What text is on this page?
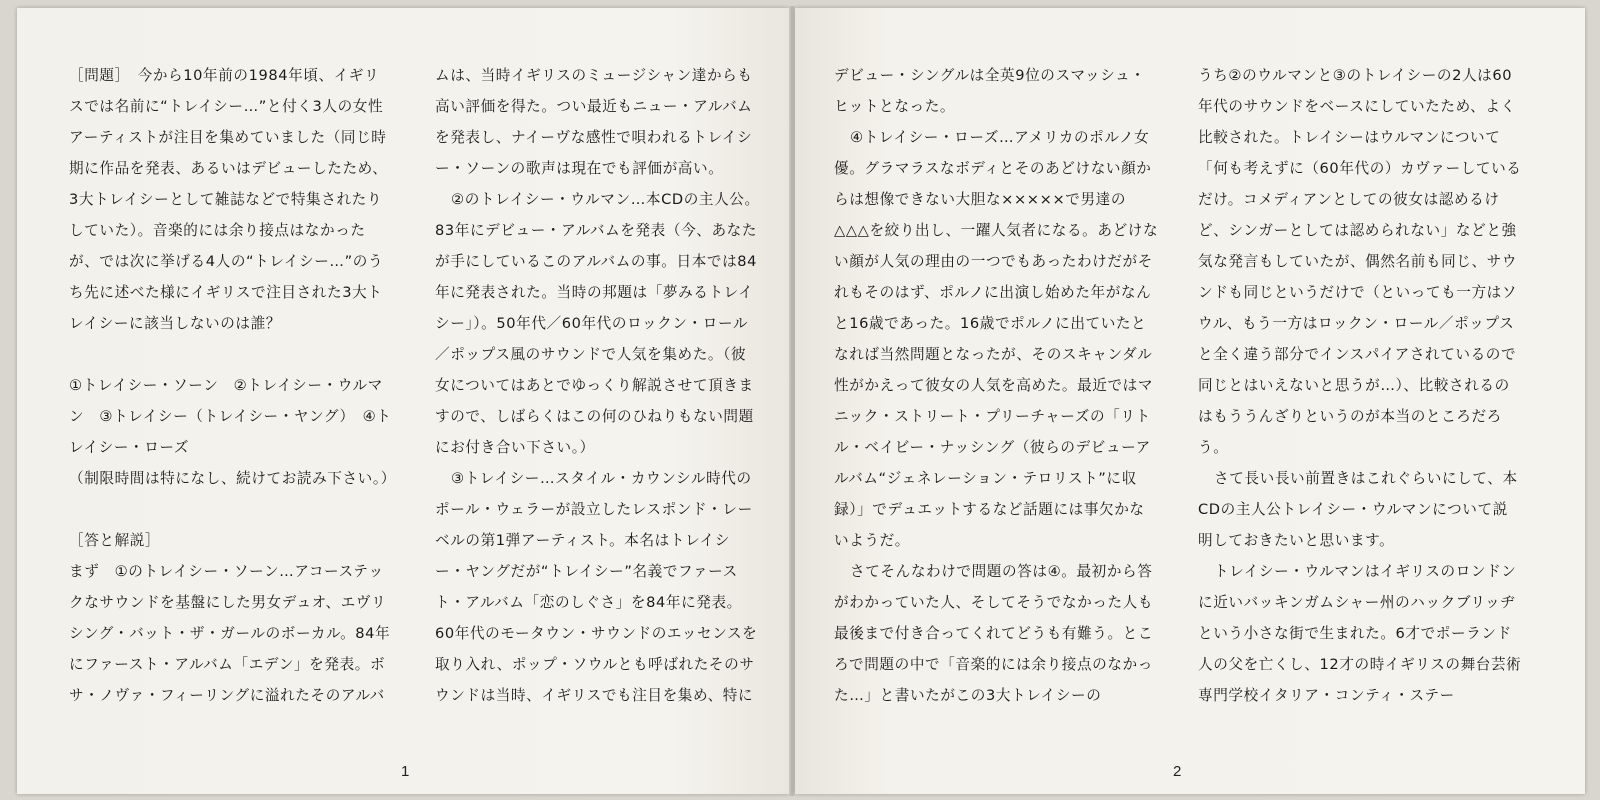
［問題］　今から10年前の1984年頃、イギリスでは名前に“トレイシー…”と付く3人の女性アーティストが注目を集めていました（同じ時期に作品を発表、あるいはデビューしたため、3大トレイシーとして雑誌などで特集されたりしていた）。音楽的には余り接点はなかったが、では次に挙げる4人の“トレイシー…”のうち先に述べた様にイギリスで注目された3大トレイシーに該当しないのは誰？

①トレイシー・ソーン　②トレイシー・ウルマン　③トレイシー（トレイシー・ヤング）　④トレイシー・ローズ

（制限時間は特になし、続けてお読み下さい。）

［答と解説］

まず　①のトレイシー・ソーン…アコーステックなサウンドを基盤にした男女デュオ、エヴリシング・バット・ザ・ガールのボーカル。84年にファースト・アルバム「エデン」を発表。ボサ・ノヴァ・フィーリングに溢れたそのアルバ

ムは、当時イギリスのミュージシャン達からも高い評価を得た。つい最近もニュー・アルバムを発表し、ナイーヴな感性で唄われるトレイシー・ソーンの歌声は現在でも評価が高い。

②のトレイシー・ウルマン…本CDの主人公。83年にデビュー・アルバムを発表（今、あなたが手にしているこのアルバムの事。日本では84年に発表された。当時の邦題は「夢みるトレイシー」）。50年代／60年代のロックン・ロール／ポップス風のサウンドで人気を集めた。（彼女についてはあとでゆっくり解説させて頂きますので、しばらくはこの何のひねりもない問題にお付き合い下さい。）

③トレイシー…スタイル・カウンシル時代のポール・ウェラーが設立したレスポンド・レーベルの第1弾アーティスト。本名はトレイシー・ヤングだが“トレイシー”名義でファースト・アルバム「恋のしぐさ」を84年に発表。60年代のモータウン・サウンドのエッセンスを取り入れ、ポップ・ソウルとも呼ばれたそのサウンドは当時、イギリスでも注目を集め、特に

1

デビュー・シングルは全英9位のスマッシュ・ヒットとなった。

④トレイシー・ローズ…アメリカのポルノ女優。グラマラスなボディとそのあどけない顔からは想像できない大胆な×××××で男達の△△△を絞り出し、一躍人気者になる。あどけない顔が人気の理由の一つでもあったわけだがそれもそのはず、ポルノに出演し始めた年がなんと16歳であった。16歳でポルノに出ていたとなれば当然問題となったが、そのスキャンダル性がかえって彼女の人気を高めた。最近ではマニック・ストリート・プリーチャーズの「リトル・ベイビー・ナッシング（彼らのデビューアルバム“ジェネレーション・テロリスト”に収録）」でデュエットするなど話題には事欠かないようだ。

さてそんなわけで問題の答は④。最初から答がわかっていた人、そしてそうでなかった人も最後まで付き合ってくれてどうも有難う。ところで問題の中で「音楽的には余り接点のなかった…」と書いたがこの3大トレイシーの

うち②のウルマンと③のトレイシーの2人は60年代のサウンドをベースにしていたため、よく比較された。トレイシーはウルマンについて「何も考えずに（60年代の）カヴァーしているだけ。コメディアンとしての彼女は認めるけど、シンガーとしては認められない」などと強気な発言もしていたが、偶然名前も同じ、サウンドも同じというだけで（といっても一方はソウル、もう一方はロックン・ロール／ポップスと全く違う部分でインスパイアされているので同じとはいえないと思うが…）、比較されるのはもううんざりというのが本当のところだろう。

さて長い長い前置きはこれぐらいにして、本CDの主人公トレイシー・ウルマンについて説明しておきたいと思います。

トレイシー・ウルマンはイギリスのロンドンに近いバッキンガムシャー州のハックブリッヂという小さな街で生まれた。6才でポーランド人の父を亡くし、12才の時イギリスの舞台芸術専門学校イタリア・コンティ・ステー

2
